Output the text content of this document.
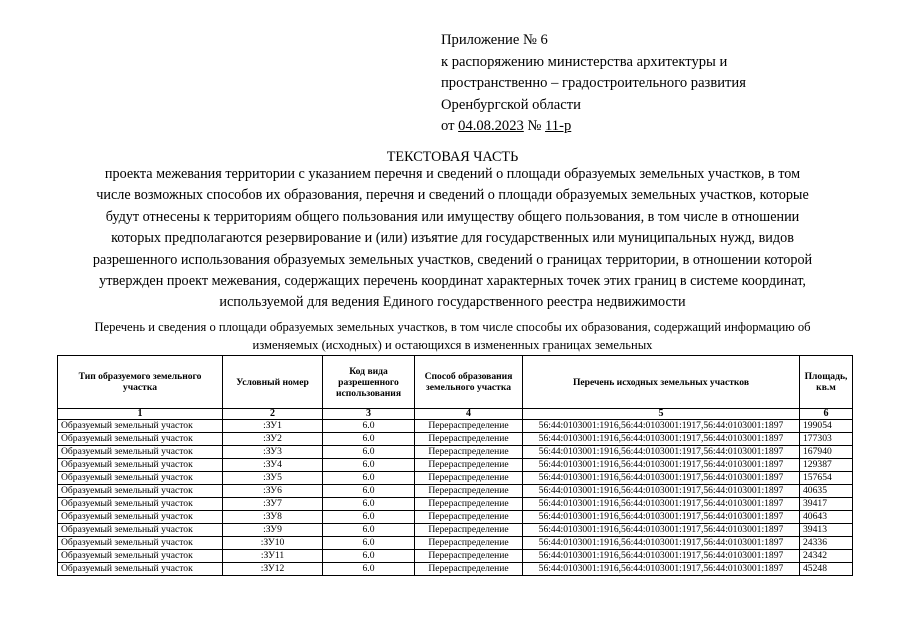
Приложение № 6
к распоряжению министерства архитектуры и
пространственно – градостроительного развития
Оренбургской области
от 04.08.2023 № 11-р
ТЕКСТОВАЯ ЧАСТЬ
проекта межевания территории с указанием перечня и сведений о площади образуемых земельных участков, в том
числе возможных способов их образования, перечня и сведений о площади образуемых земельных участков, которые
будут отнесены к территориям общего пользования или имуществу общего пользования, в том числе в отношении
которых предполагаются резервирование и (или) изъятие для государственных или муниципальных нужд, видов
разрешенного использования образуемых земельных участков, сведений о границах территории, в отношении которой
утвержден проект межевания, содержащих перечень координат характерных точек этих границ в системе координат,
используемой для ведения Единого государственного реестра недвижимости
Перечень и сведения о площади образуемых земельных участков, в том числе способы их образования, содержащий информацию об
изменяемых (исходных) и остающихся в измененных границах земельных
Тип образуемого земельного участка	Условный номер	Код вида разрешенного использования	Способ образования земельного участка	Перечень исходных земельных участков	Площадь, кв.м
1	2	3	4	5	6
Образуемый земельный участок	:ЗУ1	6.0	Перераспределение	56:44:0103001:1916,56:44:0103001:1917,56:44:0103001:1897	199054
Образуемый земельный участок	:ЗУ2	6.0	Перераспределение	56:44:0103001:1916,56:44:0103001:1917,56:44:0103001:1897	177303
Образуемый земельный участок	:ЗУ3	6.0	Перераспределение	56:44:0103001:1916,56:44:0103001:1917,56:44:0103001:1897	167940
Образуемый земельный участок	:ЗУ4	6.0	Перераспределение	56:44:0103001:1916,56:44:0103001:1917,56:44:0103001:1897	129387
Образуемый земельный участок	:ЗУ5	6.0	Перераспределение	56:44:0103001:1916,56:44:0103001:1917,56:44:0103001:1897	157654
Образуемый земельный участок	:ЗУ6	6.0	Перераспределение	56:44:0103001:1916,56:44:0103001:1917,56:44:0103001:1897	40635
Образуемый земельный участок	:ЗУ7	6.0	Перераспределение	56:44:0103001:1916,56:44:0103001:1917,56:44:0103001:1897	39417
Образуемый земельный участок	:ЗУ8	6.0	Перераспределение	56:44:0103001:1916,56:44:0103001:1917,56:44:0103001:1897	40643
Образуемый земельный участок	:ЗУ9	6.0	Перераспределение	56:44:0103001:1916,56:44:0103001:1917,56:44:0103001:1897	39413
Образуемый земельный участок	:ЗУ10	6.0	Перераспределение	56:44:0103001:1916,56:44:0103001:1917,56:44:0103001:1897	24336
Образуемый земельный участок	:ЗУ11	6.0	Перераспределение	56:44:0103001:1916,56:44:0103001:1917,56:44:0103001:1897	24342
Образуемый земельный участок	:ЗУ12	6.0	Перераспределение	56:44:0103001:1916,56:44:0103001:1917,56:44:0103001:1897	45248
